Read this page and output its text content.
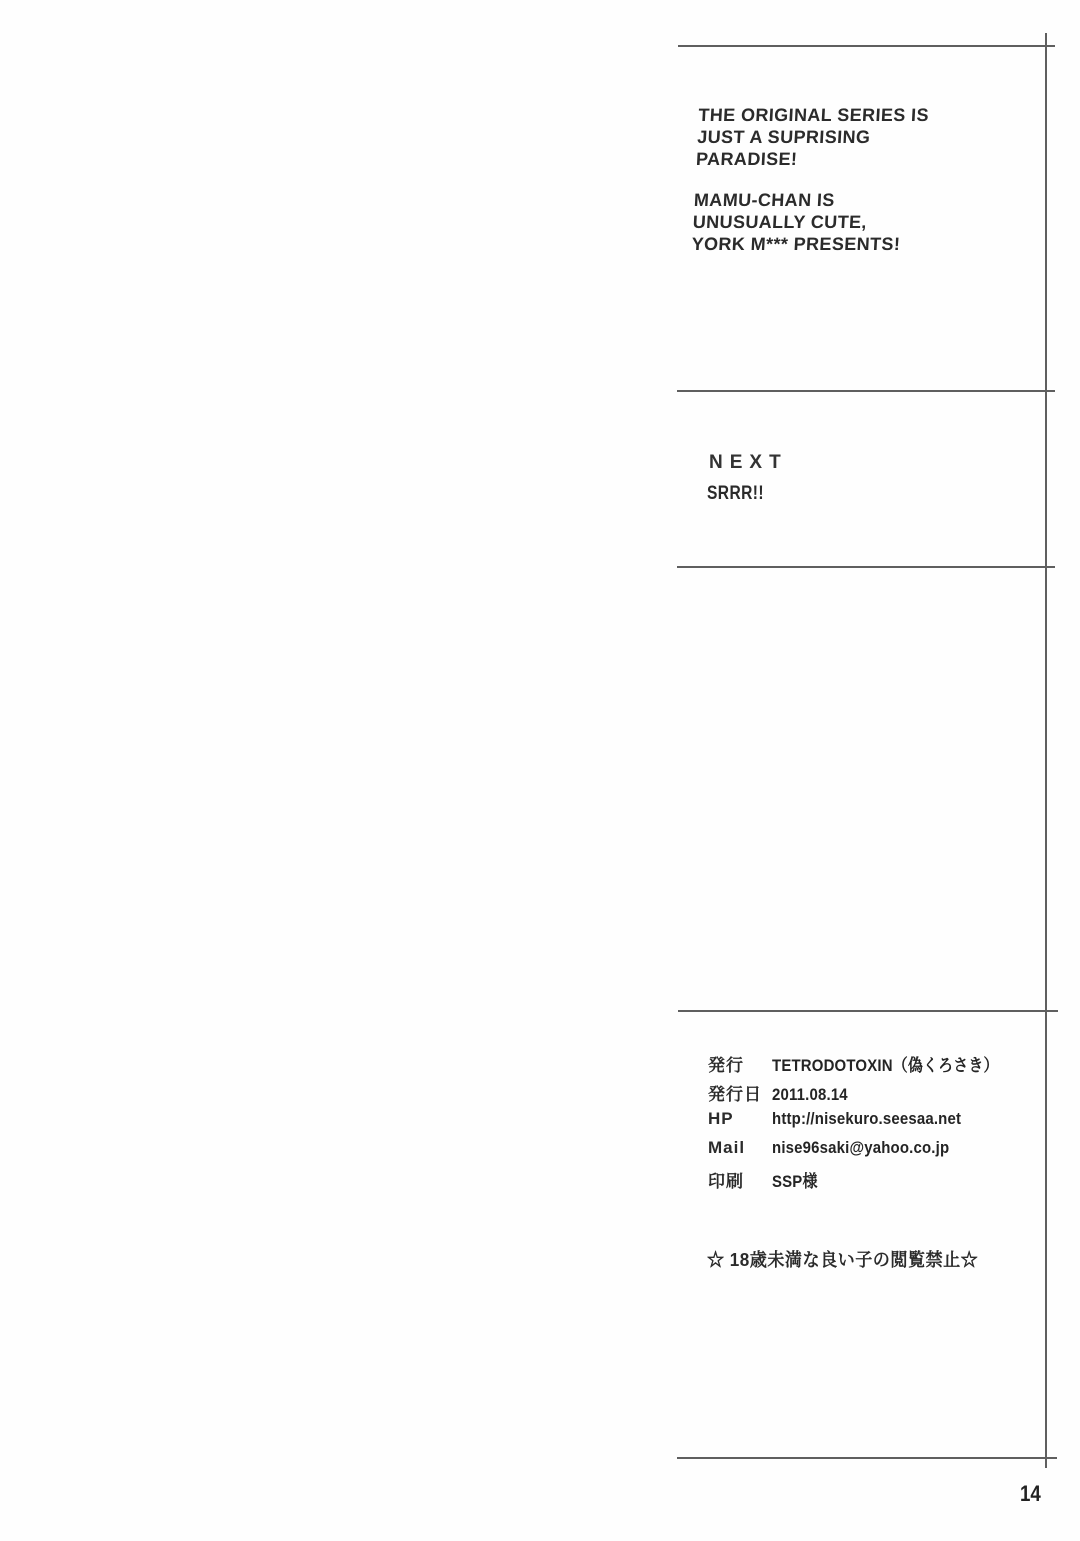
THE ORIGINAL SERIES IS
JUST A SUPRISING
PARADISE!
MAMU-CHAN IS
UNUSUALLY CUTE,
YORK M*** PRESENTS!
NEXT
SRRR!!
発行	TETRODOTOXIN（偽くろさき）
発行日 2011.08.14
HP	http://nisekuro.seesaa.net
Mail	nise96saki@yahoo.co.jp
印刷	SSP様
☆ 18歳未満な良い子の閲覧禁止☆
14
